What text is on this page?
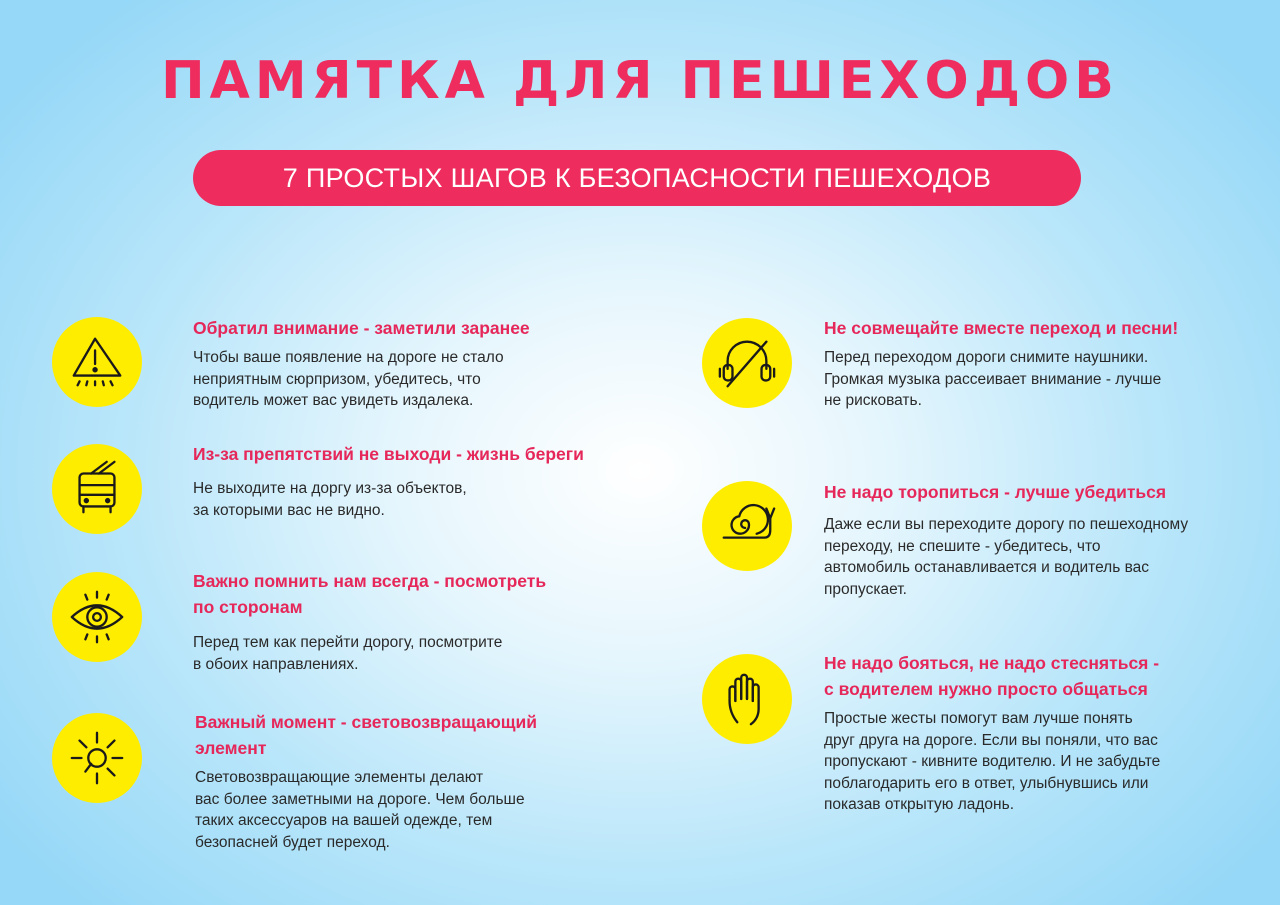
ПАМЯТКА ДЛЯ ПЕШЕХОДОВ
7 ПРОСТЫХ ШАГОВ К БЕЗОПАСНОСТИ ПЕШЕХОДОВ
Обратил внимание - заметили заранее
Чтобы ваше появление на дороге не стало
неприятным сюрпризом, убедитесь, что
водитель может вас увидеть издалека.
Из-за препятствий не выходи - жизнь береги
Не выходите на доргу из-за объектов,
за которыми вас не видно.
Важно помнить нам всегда - посмотреть
по сторонам
Перед тем как перейти дорогу, посмотрите
в обоих направлениях.
Важный момент - световозвращающий
элемент
Световозвращающие элементы делают
вас более заметными на дороге. Чем больше
таких аксессуаров на вашей одежде, тем
безопасней будет переход.
Не совмещайте вместе переход и песни!
Перед переходом дороги снимите наушники.
Громкая музыка рассеивает внимание - лучше
не рисковать.
Не надо торопиться - лучше убедиться
Даже если вы переходите дорогу по пешеходному
переходу, не спешите - убедитесь, что
автомобиль останавливается и водитель вас
пропускает.
Не надо бояться, не надо стесняться -
с водителем нужно просто общаться
Простые жесты помогут вам лучше понять
друг друга на дороге. Если вы поняли, что вас
пропускают - кивните водителю. И не забудьте
поблагодарить его в ответ, улыбнувшись или
показав открытую ладонь.
